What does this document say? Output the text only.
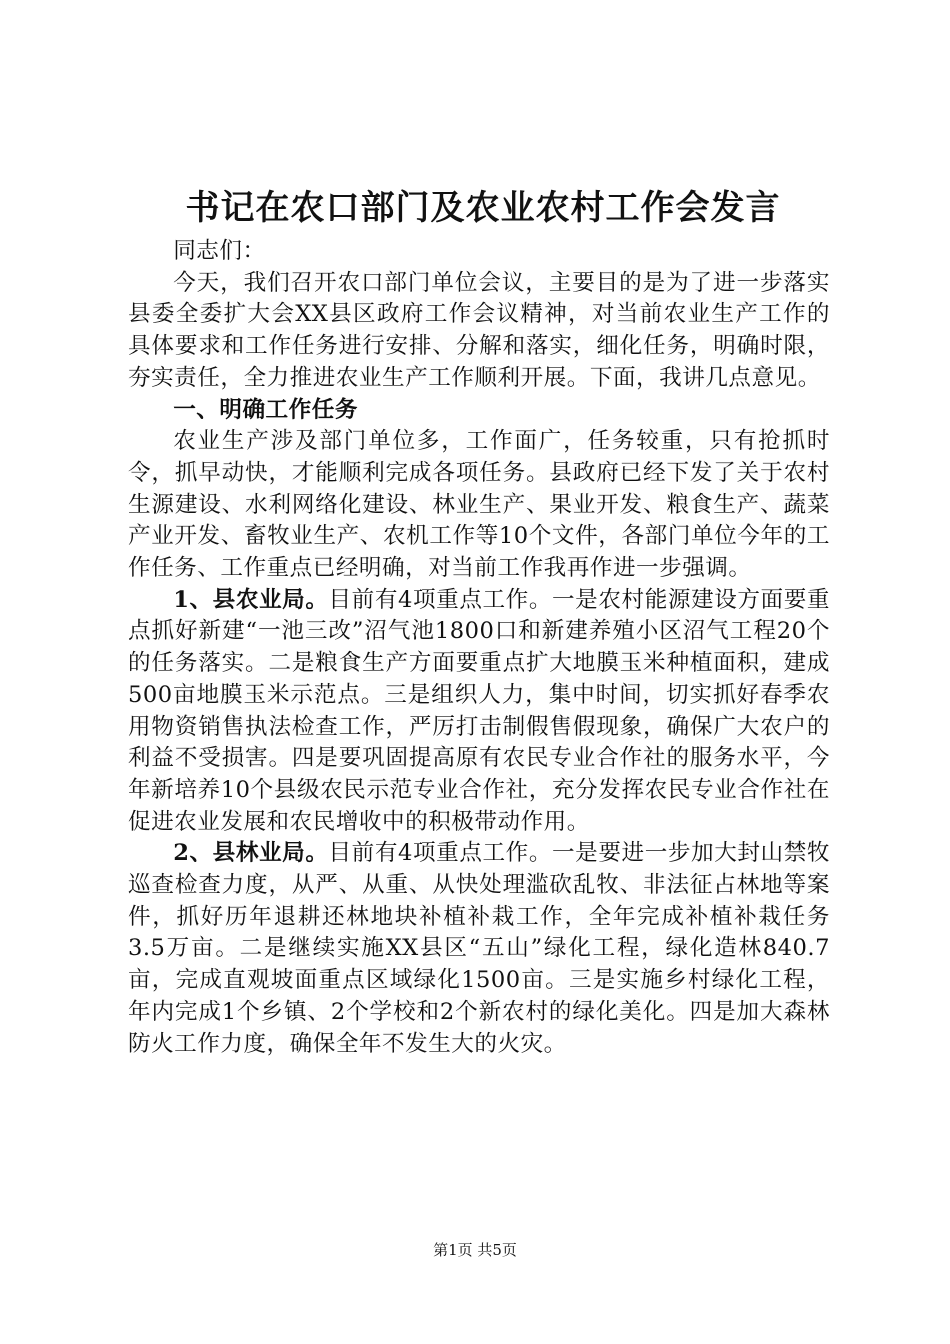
书记在农口部门及农业农村工作会发言

同志们：

今天，我们召开农口部门单位会议，主要目的是为了进一步落实县委全委扩大会XX县区政府工作会议精神，对当前农业生产工作的具体要求和工作任务进行安排、分解和落实，细化任务，明确时限，夯实责任，全力推进农业生产工作顺利开展。下面，我讲几点意见。

一、明确工作任务

农业生产涉及部门单位多，工作面广，任务较重，只有抢抓时令，抓早动快，才能顺利完成各项任务。县政府已经下发了关于农村生源建设、水利网络化建设、林业生产、果业开发、粮食生产、蔬菜产业开发、畜牧业生产、农机工作等10个文件，各部门单位今年的工作任务、工作重点已经明确，对当前工作我再作进一步强调。

1、县农业局。目前有4项重点工作。一是农村能源建设方面要重点抓好新建“一池三改”沼气池1800口和新建养殖小区沼气工程20个的任务落实。二是粮食生产方面要重点扩大地膜玉米种植面积，建成500亩地膜玉米示范点。三是组织人力，集中时间，切实抓好春季农用物资销售执法检查工作，严厉打击制假售假现象，确保广大农户的利益不受损害。四是要巩固提高原有农民专业合作社的服务水平，今年新培养10个县级农民示范专业合作社，充分发挥农民专业合作社在促进农业发展和农民增收中的积极带动作用。

2、县林业局。目前有4项重点工作。一是要进一步加大封山禁牧巡查检查力度，从严、从重、从快处理滥砍乱牧、非法征占林地等案件，抓好历年退耕还林地块补植补栽工作，全年完成补植补栽任务3.5万亩。二是继续实施XX县区“五山”绿化工程，绿化造林840.7亩，完成直观坡面重点区域绿化1500亩。三是实施乡村绿化工程，年内完成1个乡镇、2个学校和2个新农村的绿化美化。四是加大森林防火工作力度，确保全年不发生大的火灾。

第1页 共5页
